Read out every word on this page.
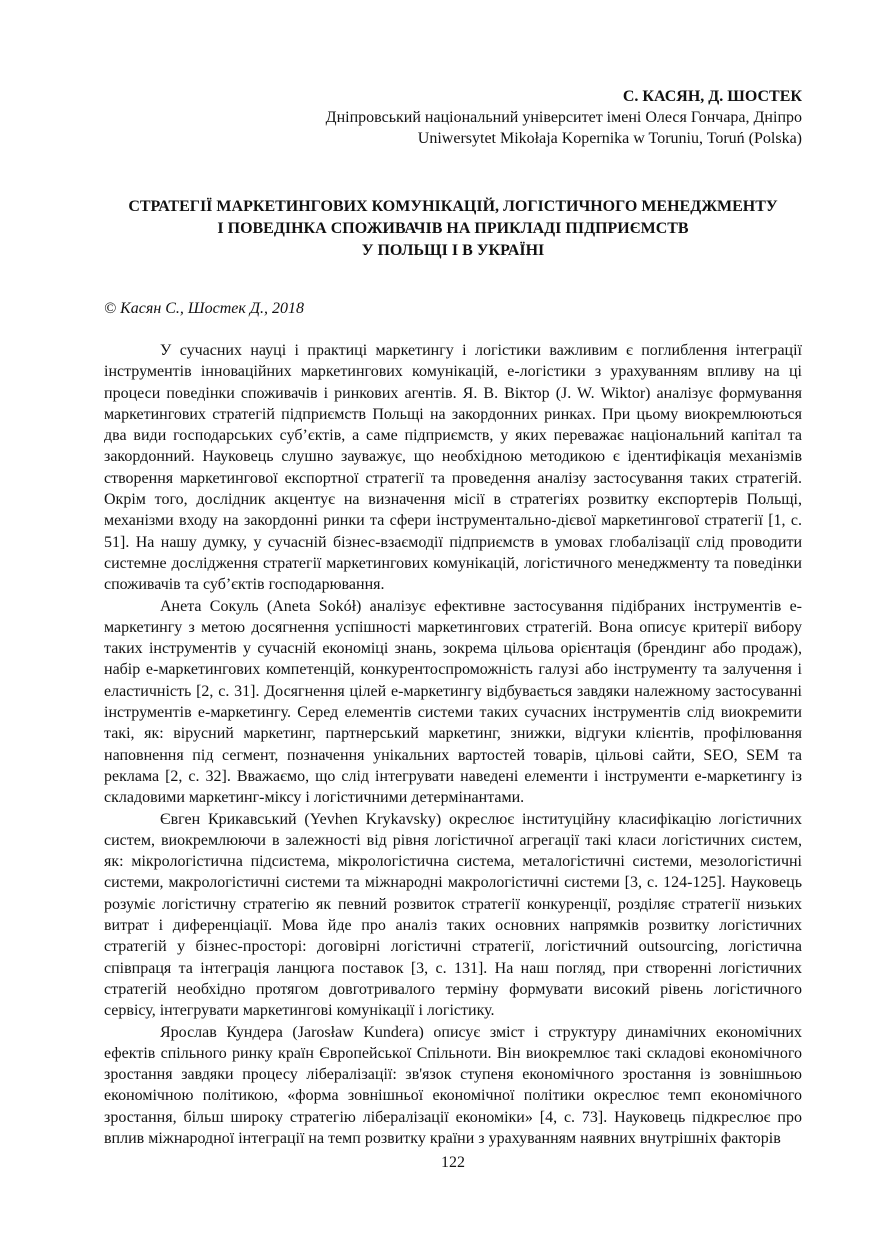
С. КАСЯН, Д. ШОСТЕК
Дніпровський національний університет імені Олеся Гончара, Дніпро
Uniwersytet Mikołaja Kopernika w Toruniu, Toruń (Polska)
СТРАТЕГІЇ МАРКЕТИНГОВИХ КОМУНІКАЦІЙ, ЛОГІСТИЧНОГО МЕНЕДЖМЕНТУ
І ПОВЕДІНКА СПОЖИВАЧІВ НА ПРИКЛАДІ ПІДПРИЄМСТВ
У ПОЛЬЩІ І В УКРАЇНІ
© Касян С., Шостек Д., 2018

У сучасних науці і практиці маркетингу і логістики важливим є поглиблення інтеграції інструментів інноваційних маркетингових комунікацій, е-логістики з урахуванням впливу на ці процеси поведінки споживачів і ринкових агентів. Я. В. Віктор (J. W. Wiktor) аналізує формування маркетингових стратегій підприємств Польщі на закордонних ринках. При цьому виокремлюються два види господарських суб’єктів, а саме підприємств, у яких переважає національний капітал та закордонний. Науковець слушно зауважує, що необхідною методикою є ідентифікація механізмів створення маркетингової експортної стратегії та проведення аналізу застосування таких стратегій. Окрім того, дослідник акцентує на визначення місії в стратегіях розвитку експортерів Польщі, механізми входу на закордонні ринки та сфери інструментально-дієвої маркетингової стратегії [1, с. 51]. На нашу думку, у сучасній бізнес-взаємодії підприємств в умовах глобалізації слід проводити системне дослідження стратегії маркетингових комунікацій, логістичного менеджменту та поведінки споживачів та суб’єктів господарювання.

Анета Сокуль (Aneta Sokół) аналізує ефективне застосування підібраних інструментів е-маркетингу з метою досягнення успішності маркетингових стратегій. Вона описує критерії вибору таких інструментів у сучасній економіці знань, зокрема цільова орієнтація (брендинг або продаж), набір е-маркетингових компетенцій, конкурентоспроможність галузі або інструменту та залучення і еластичність [2, с. 31]. Досягнення цілей е-маркетингу відбувається завдяки належному застосуванні інструментів е-маркетингу. Серед елементів системи таких сучасних інструментів слід виокремити такі, як: вірусний маркетинг, партнерський маркетинг, знижки, відгуки клієнтів, профілювання наповнення під сегмент, позначення унікальних вартостей товарів, цільові сайти, SEO, SEM та реклама [2, с. 32]. Вважаємо, що слід інтегрувати наведені елементи і інструменти е-маркетингу із складовими маркетинг-міксу і логістичними детермінантами.

Євген Крикавський (Yevhen Krykavsky) окреслює інституційну класифікацію логістичних систем, виокремлюючи в залежності від рівня логістичної агрегації такі класи логістичних систем, як: мікрологістична підсистема, мікрологістична система, металогістичні системи, мезологістичні системи, макрологістичні системи та міжнародні макрологістичні системи [3, с. 124-125]. Науковець розуміє логістичну стратегію як певний розвиток стратегії конкуренції, розділяє стратегії низьких витрат і диференціації. Мова йде про аналіз таких основних напрямків розвитку логістичних стратегій у бізнес-просторі: договірні логістичні стратегії, логістичний outsourcing, логістична співпраця та інтеграція ланцюга поставок [3, с. 131]. На наш погляд, при створенні логістичних стратегій необхідно протягом довготривалого терміну формувати високий рівень логістичного сервісу, інтегрувати маркетингові комунікації і логістику.

Ярослав Кундера (Jarosław Kundera) описує зміст і структуру динамічних економічних ефектів спільного ринку країн Європейської Спільноти. Він виокремлює такі складові економічного зростання завдяки процесу лібералізації: зв'язок ступеня економічного зростання із зовнішньою економічною політикою, «форма зовнішньої економічної політики окреслює темп економічного зростання, більш широку стратегію лібералізації економіки» [4, с. 73]. Науковець підкреслює про вплив міжнародної інтеграції на темп розвитку країни з урахуванням наявних внутрішніх факторів

122
